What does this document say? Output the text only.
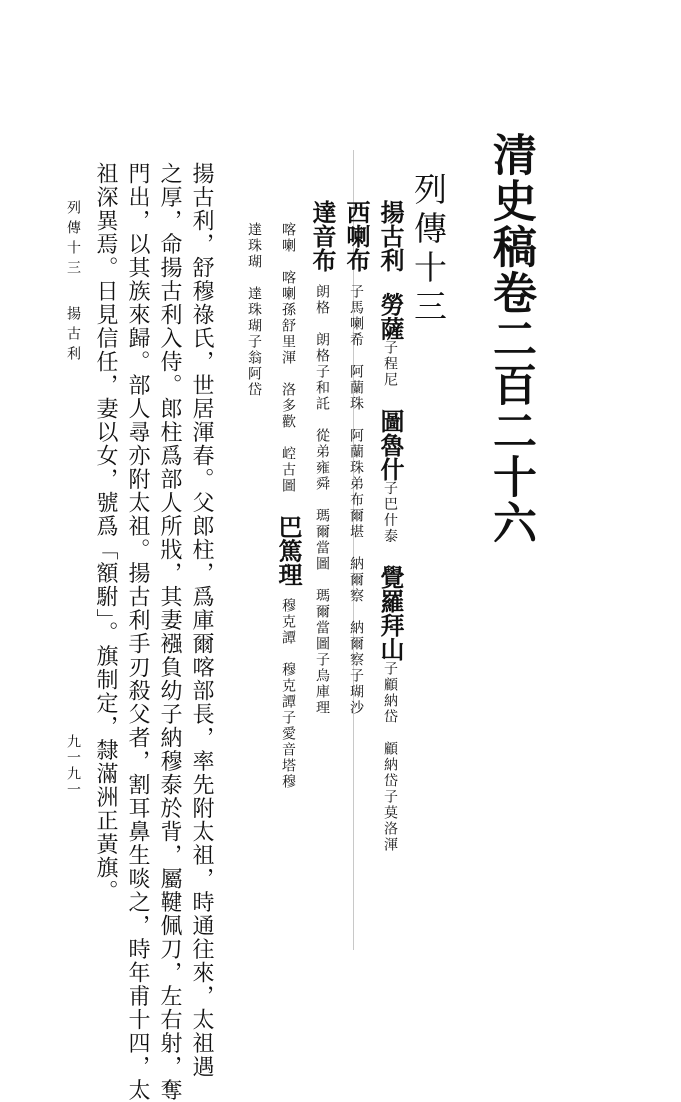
清史稿卷二百二十六
列傳十三
揚古利 勞薩子程尼 圖魯什子巴什泰 覺羅拜山子顧納岱　顧納岱子莫洛渾
西喇布子馬喇希　阿蘭珠　阿蘭珠弟布爾堪　納爾察　納爾察子瑚沙
達音布朗格　朗格子和託　從弟雍舜　瑪爾當圖　瑪爾當圖子烏庫理
喀喇　喀喇孫舒里渾　洛多歡　崆古圖 巴篤理穆克譚　穆克譚子愛音塔穆
達珠瑚　達珠瑚子翁阿岱
揚古利，舒穆祿氏，世居渾春。父郎柱，爲庫爾喀部長，率先附太祖，時通往來，太祖遇
之厚，命揚古利入侍。郎柱爲部人所戕，其妻襁負幼子納穆泰於背，屬鞬佩刀，左右射，奪
門出，以其族來歸。部人尋亦附太祖。揚古利手刃殺父者，割耳鼻生啖之，時年甫十四，太
祖深異焉。日見信任，妻以女，號爲「額駙」。旗制定，隸滿洲正黃旗。
列傳十三揚古利
九一九一
